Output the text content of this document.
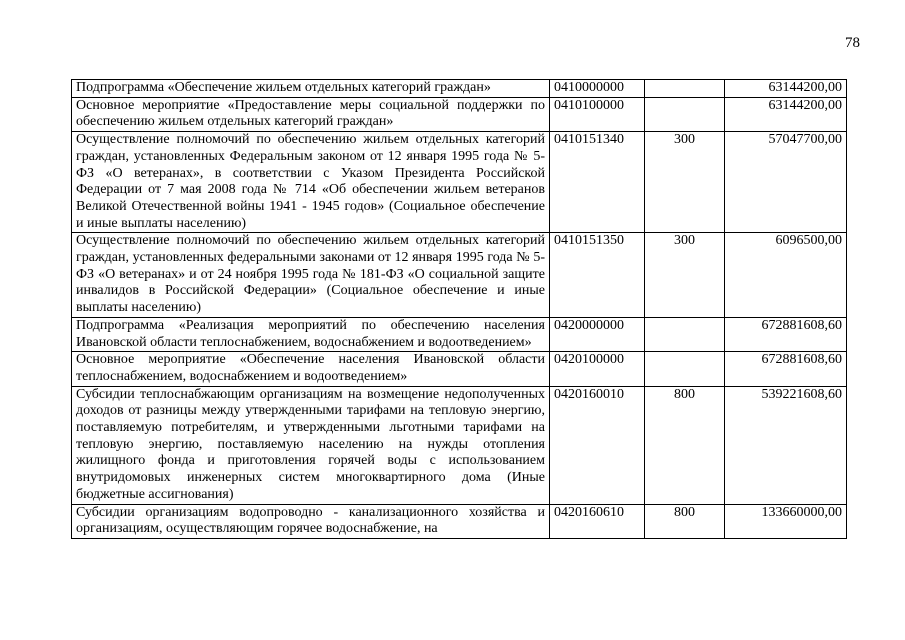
78
Подпрограмма «Обеспечение жильем отдельных категорий граждан»	0410000000		63144200,00
Основное мероприятие «Предоставление меры социальной поддержки по обеспечению жильем отдельных категорий граждан»	0410100000		63144200,00
Осуществление полномочий по обеспечению жильем отдельных категорий граждан, установленных Федеральным законом от 12 января 1995 года № 5-ФЗ «О ветеранах», в соответствии с Указом Президента Российской Федерации от 7 мая 2008 года № 714 «Об обеспечении жильем ветеранов Великой Отечественной войны 1941 - 1945 годов» (Социальное обеспечение и иные выплаты населению)	0410151340	300	57047700,00
Осуществление полномочий по обеспечению жильем отдельных категорий граждан, установленных федеральными законами от 12 января 1995 года № 5-ФЗ «О ветеранах» и от 24 ноября 1995 года № 181-ФЗ «О социальной защите инвалидов в Российской Федерации» (Социальное обеспечение и иные выплаты населению)	0410151350	300	6096500,00
Подпрограмма «Реализация мероприятий по обеспечению населения Ивановской области теплоснабжением, водоснабжением и водоотведением»	0420000000		672881608,60
Основное мероприятие «Обеспечение населения Ивановской области теплоснабжением, водоснабжением и водоотведением»	0420100000		672881608,60
Субсидии теплоснабжающим организациям на возмещение недополученных доходов от разницы между утвержденными тарифами на тепловую энергию, поставляемую потребителям, и утвержденными льготными тарифами на тепловую энергию, поставляемую населению на нужды отопления жилищного фонда и приготовления горячей воды с использованием внутридомовых инженерных систем многоквартирного дома (Иные бюджетные ассигнования)	0420160010	800	539221608,60
Субсидии организациям водопроводно - канализационного хозяйства и организациям, осуществляющим горячее водоснабжение, на	0420160610	800	133660000,00
